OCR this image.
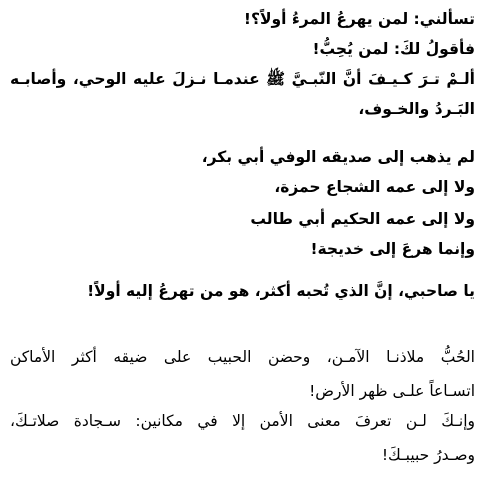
تسألني: لمن يهرعُ المرءُ أولاً؟!
فأقولُ لكَ: لمن يُحِبُّ!
ألـمْ تـرَ كـيـفَ أنَّ النّبـيَّ ﷺ عندمـا نـزلَ عليه الوحي، وأصابـه
البَـردُ والخـوف،
لم يذهب إلى صديقه الوفي أبي بكر،
ولا إلى عمه الشجاع حمزة،
ولا إلى عمه الحكيم أبي طالب
وإنما هرعَ إلى خديجة!
يا صاحبي، إنَّ الذي تُحبه أكثر، هو من تهرعُ إليه أولاً!
الحُبُّ ملاذنـا الآمـن، وحضن الحبيب على ضيقه أكثر الأماكن
اتسـاعاً علـى ظهر الأرض!
وإنـكَ لـن تعرفَ معنى الأمن إلا في مكانين: سـجادة صلاتـكَ،
وصـدرُ حبيبـكَ!
